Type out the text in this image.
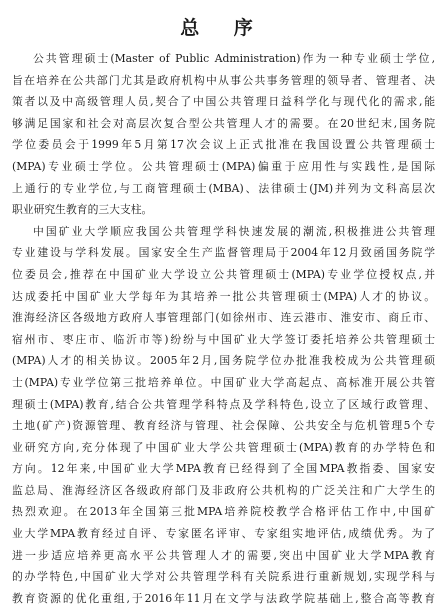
总 序
公共管理硕士(Master of Public Administration)作为一种专业硕士学位,
旨在培养在公共部门尤其是政府机构中从事公共事务管理的领导者、管理者、决
策者以及中高级管理人员,契合了中国公共管理日益科学化与现代化的需求,能
够满足国家和社会对高层次复合型公共管理人才的需要。在20世纪末,国务院
学位委员会于1999年5月第17次会议上正式批准在我国设置公共管理硕士
(MPA)专业硕士学位。公共管理硕士(MPA)偏重于应用性与实践性,是国际
上通行的专业学位,与工商管理硕士(MBA)、法律硕士(JM)并列为文科高层次
职业研究生教育的三大支柱。
中国矿业大学顺应我国公共管理学科快速发展的潮流,积极推进公共管理
专业建设与学科发展。国家安全生产监督管理局于2004年12月致函国务院学
位委员会,推荐在中国矿业大学设立公共管理硕士(MPA)专业学位授权点,并
达成委托中国矿业大学每年为其培养一批公共管理硕士(MPA)人才的协议。
淮海经济区各级地方政府人事管理部门(如徐州市、连云港市、淮安市、商丘市、
宿州市、枣庄市、临沂市等)纷纷与中国矿业大学签订委托培养公共管理硕士
(MPA)人才的相关协议。2005年2月,国务院学位办批准我校成为公共管理硕
士(MPA)专业学位第三批培养单位。中国矿业大学高起点、高标准开展公共管
理硕士(MPA)教育,结合公共管理学科特点及学科特色,设立了区域行政管理、
土地(矿产)资源管理、教育经济与管理、社会保障、公共安全与危机管理5个专
业研究方向,充分体现了中国矿业大学公共管理硕士(MPA)教育的办学特色和
方向。12年来,中国矿业大学MPA教育已经得到了全国MPA教指委、国家安
监总局、淮海经济区各级政府部门及非政府公共机构的广泛关注和广大学生的
热烈欢迎。在2013年全国第三批MPA培养院校教学合格评估工作中,中国矿
业大学MPA教育经过自评、专家匿名评审、专家组实地评估,成绩优秀。为了
进一步适应培养更高水平公共管理人才的需要,突出中国矿业大学MPA教育
的办学特色,中国矿业大学对公共管理学科有关院系进行重新规划,实现学科与
教育资源的优化重组,于2016年11月在文学与法政学院基础上,整合高等教育
